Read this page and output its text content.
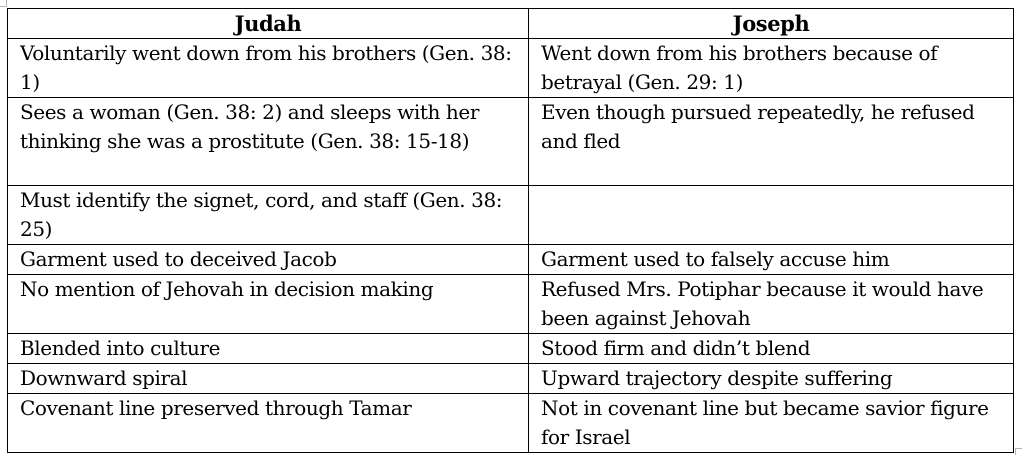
Judah	Joseph
Voluntarily went down from his brothers (Gen. 38: 1)	Went down from his brothers because of betrayal (Gen. 29: 1)
Sees a woman (Gen. 38: 2) and sleeps with her thinking she was a prostitute (Gen. 38: 15-18)	Even though pursued repeatedly, he refused and fled
Must identify the signet, cord, and staff (Gen. 38: 25)	
Garment used to deceived Jacob	Garment used to falsely accuse him
No mention of Jehovah in decision making	Refused Mrs. Potiphar because it would have been against Jehovah
Blended into culture	Stood firm and didn’t blend
Downward spiral	Upward trajectory despite suffering
Covenant line preserved through Tamar	Not in covenant line but became savior figure for Israel
